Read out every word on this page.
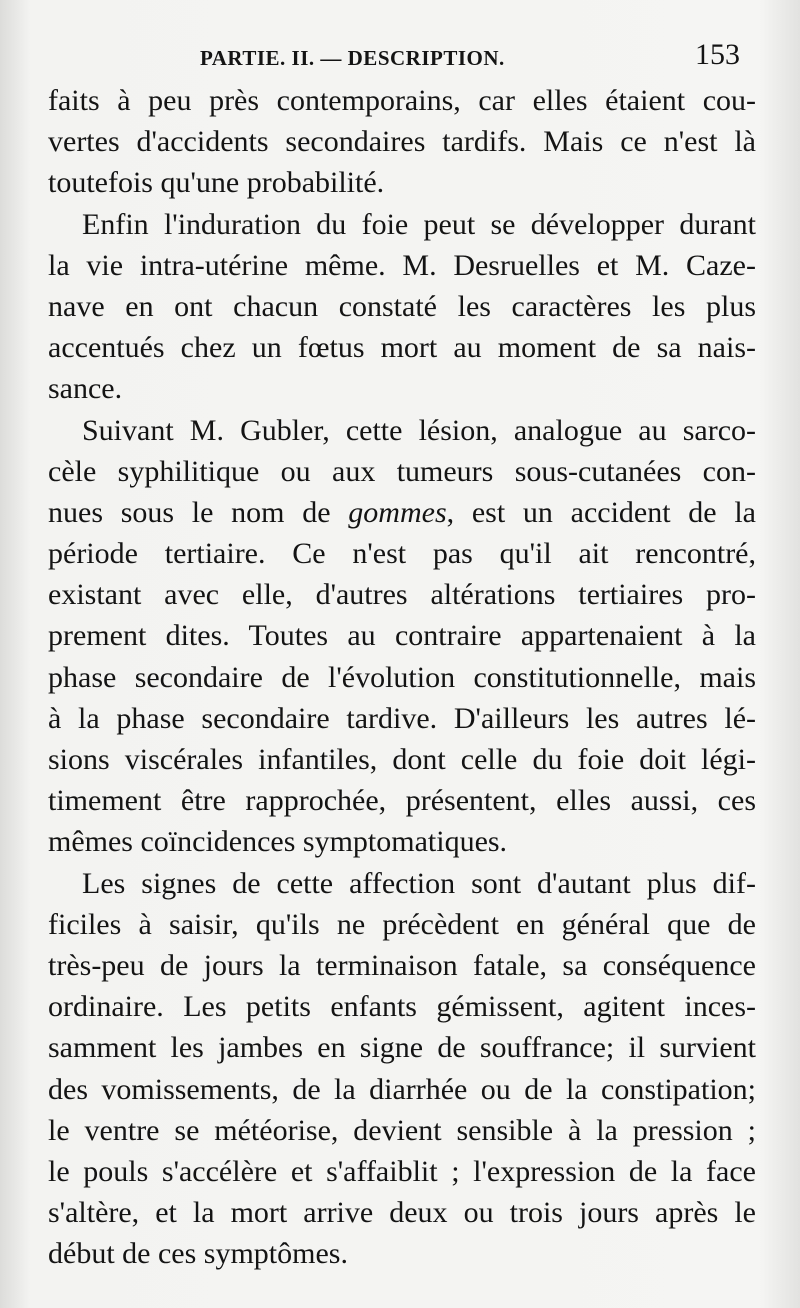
PARTIE. II. — DESCRIPTION.	153
faits à peu près contemporains, car elles étaient cou-
vertes d'accidents secondaires tardifs. Mais ce n'est là
toutefois qu'une probabilité.
Enfin l'induration du foie peut se développer durant
la vie intra-utérine même. M. Desruelles et M. Caze-
nave en ont chacun constaté les caractères les plus
accentués chez un fœtus mort au moment de sa nais-
sance.
Suivant M. Gubler, cette lésion, analogue au sarco-
cèle syphilitique ou aux tumeurs sous-cutanées con-
nues sous le nom de gommes, est un accident de la
période tertiaire. Ce n'est pas qu'il ait rencontré,
existant avec elle, d'autres altérations tertiaires pro-
prement dites. Toutes au contraire appartenaient à la
phase secondaire de l'évolution constitutionnelle, mais
à la phase secondaire tardive. D'ailleurs les autres lé-
sions viscérales infantiles, dont celle du foie doit légi-
timement être rapprochée, présentent, elles aussi, ces
mêmes coïncidences symptomatiques.
Les signes de cette affection sont d'autant plus dif-
ficiles à saisir, qu'ils ne précèdent en général que de
très-peu de jours la terminaison fatale, sa conséquence
ordinaire. Les petits enfants gémissent, agitent inces-
samment les jambes en signe de souffrance; il survient
des vomissements, de la diarrhée ou de la constipation;
le ventre se météorise, devient sensible à la pression ;
le pouls s'accélère et s'affaiblit ; l'expression de la face
s'altère, et la mort arrive deux ou trois jours après le
début de ces symptômes.
